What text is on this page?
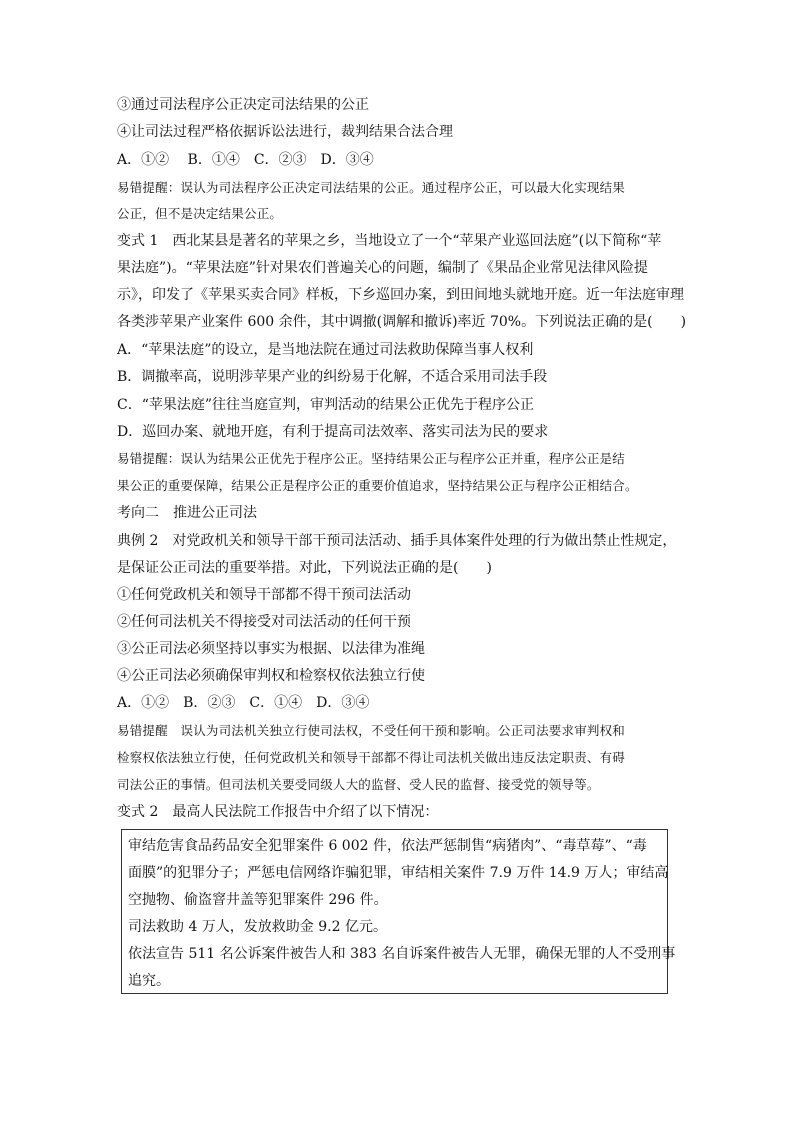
③通过司法程序公正决定司法结果的公正
④让司法过程严格依据诉讼法进行，裁判结果合法合理
A．①②　 B．①④　C．②③　D．③④
易错提醒：误认为司法程序公正决定司法结果的公正。通过程序公正，可以最大化实现结果
公正，但不是决定结果公正。
变式 1　西北某县是著名的苹果之乡，当地设立了一个“苹果产业巡回法庭”(以下简称“苹
果法庭”)。“苹果法庭”针对果农们普遍关心的问题，编制了《果品企业常见法律风险提
示》，印发了《苹果买卖合同》样板，下乡巡回办案，到田间地头就地开庭。近一年法庭审理
各类涉苹果产业案件 600 余件，其中调撤(调解和撤诉)率近 70%。下列说法正确的是(　　)
A．“苹果法庭”的设立，是当地法院在通过司法救助保障当事人权利
B．调撤率高，说明涉苹果产业的纠纷易于化解，不适合采用司法手段
C．“苹果法庭”往往当庭宣判，审判活动的结果公正优先于程序公正
D．巡回办案、就地开庭，有利于提高司法效率、落实司法为民的要求
易错提醒：误认为结果公正优先于程序公正。坚持结果公正与程序公正并重，程序公正是结
果公正的重要保障，结果公正是程序公正的重要价值追求，坚持结果公正与程序公正相结合。
考向二　推进公正司法
典例 2　对党政机关和领导干部干预司法活动、插手具体案件处理的行为做出禁止性规定，
是保证公正司法的重要举措。对此，下列说法正确的是(　　)
①任何党政机关和领导干部都不得干预司法活动
②任何司法机关不得接受对司法活动的任何干预
③公正司法必须坚持以事实为根据、以法律为准绳
④公正司法必须确保审判权和检察权依法独立行使
A．①②　B．②③　C．①④　D．③④
易错提醒　误认为司法机关独立行使司法权，不受任何干预和影响。公正司法要求审判权和
检察权依法独立行使，任何党政机关和领导干部都不得让司法机关做出违反法定职责、有碍
司法公正的事情。但司法机关要受同级人大的监督、受人民的监督、接受党的领导等。
变式 2　最高人民法院工作报告中介绍了以下情况：
审结危害食品药品安全犯罪案件 6 002 件，依法严惩制售“病猪肉”、“毒草莓”、“毒
面膜”的犯罪分子；严惩电信网络诈骗犯罪，审结相关案件 7.9 万件 14.9 万人；审结高
空抛物、偷盗窨井盖等犯罪案件 296 件。
司法救助 4 万人，发放救助金 9.2 亿元。
依法宣告 511 名公诉案件被告人和 383 名自诉案件被告人无罪，确保无罪的人不受刑事
追究。
